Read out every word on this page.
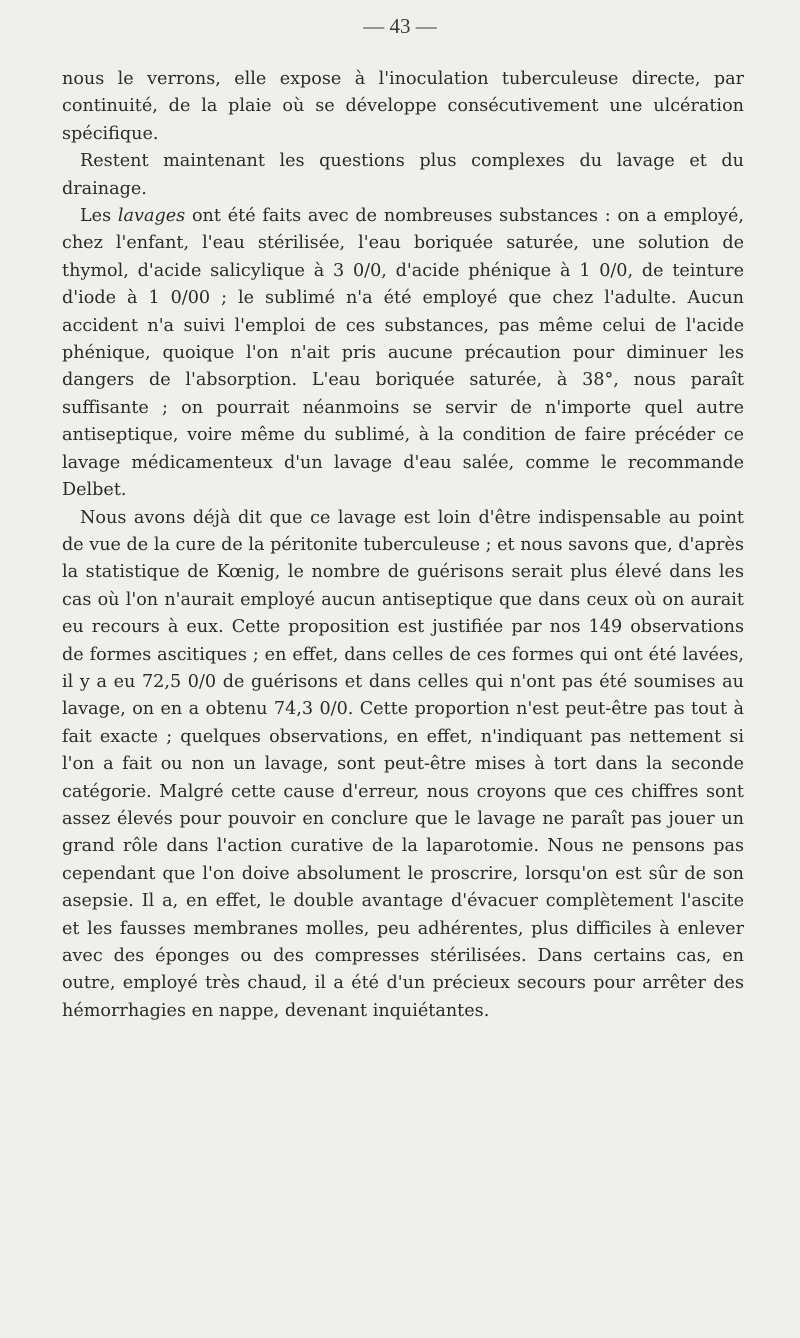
— 43 —

nous le verrons, elle expose à l'inoculation tuberculeuse directe, par continuité, de la plaie où se développe consécutivement une ulcération spécifique.

Restent maintenant les questions plus complexes du lavage et du drainage.

Les lavages ont été faits avec de nombreuses substances : on a employé, chez l'enfant, l'eau stérilisée, l'eau boriquée saturée, une solution de thymol, d'acide salicylique à 3 0/0, d'acide phénique à 1 0/0, de teinture d'iode à 1 0/00 ; le sublimé n'a été employé que chez l'adulte. Aucun accident n'a suivi l'emploi de ces substances, pas même celui de l'acide phénique, quoique l'on n'ait pris aucune précaution pour diminuer les dangers de l'absorption. L'eau boriquée saturée, à 38°, nous paraît suffisante ; on pourrait néanmoins se servir de n'importe quel autre antiseptique, voire même du sublimé, à la condition de faire précéder ce lavage médicamenteux d'un lavage d'eau salée, comme le recommande Delbet.

Nous avons déjà dit que ce lavage est loin d'être indispensable au point de vue de la cure de la péritonite tuberculeuse ; et nous savons que, d'après la statistique de Kœnig, le nombre de guérisons serait plus élevé dans les cas où l'on n'aurait employé aucun antiseptique que dans ceux où on aurait eu recours à eux. Cette proposition est justifiée par nos 149 observations de formes ascitiques ; en effet, dans celles de ces formes qui ont été lavées, il y a eu 72,5 0/0 de guérisons et dans celles qui n'ont pas été soumises au lavage, on en a obtenu 74,3 0/0. Cette proportion n'est peut-être pas tout à fait exacte ; quelques observations, en effet, n'indiquant pas nettement si l'on a fait ou non un lavage, sont peut-être mises à tort dans la seconde catégorie. Malgré cette cause d'erreur, nous croyons que ces chiffres sont assez élevés pour pouvoir en conclure que le lavage ne paraît pas jouer un grand rôle dans l'action curative de la laparotomie. Nous ne pensons pas cependant que l'on doive absolument le proscrire, lorsqu'on est sûr de son asepsie. Il a, en effet, le double avantage d'évacuer complètement l'ascite et les fausses membranes molles, peu adhérentes, plus difficiles à enlever avec des éponges ou des compresses stérilisées. Dans certains cas, en outre, employé très chaud, il a été d'un précieux secours pour arrêter des hémorrhagies en nappe, devenant inquiétantes.
